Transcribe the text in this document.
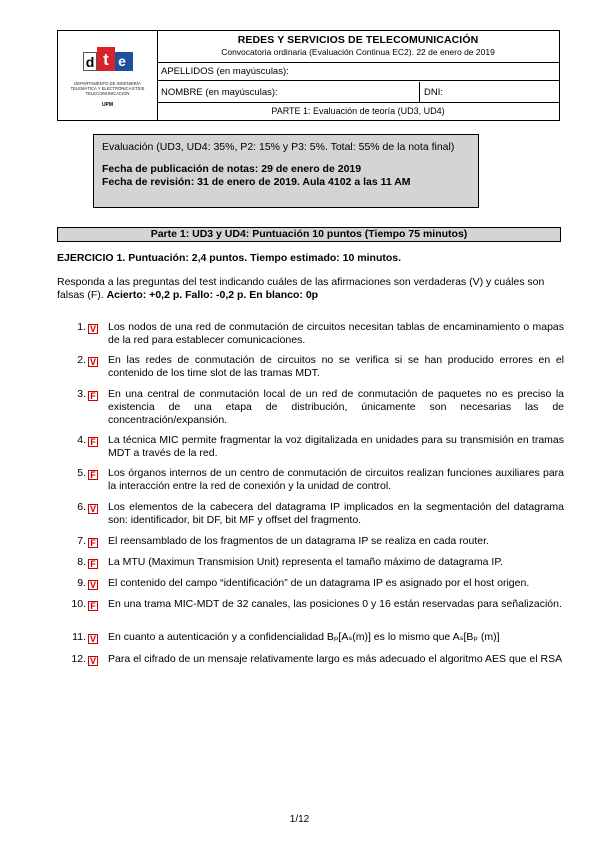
d t e
DEPARTAMENTO DE INGENIERÍA TELEMÁTICA Y ELECTRÓNICA ETSIS TELECOMUNICACIÓN
UPM
REDES Y SERVICIOS DE TELECOMUNICACIÓN
Convocatoria ordinaria (Evaluación Continua EC2). 22 de enero de 2019
APELLIDOS (en mayúsculas):
NOMBRE (en mayúsculas):	DNI:
PARTE 1: Evaluación de teoría (UD3, UD4)
Evaluación (UD3, UD4: 35%, P2: 15% y P3: 5%. Total: 55% de la nota final)
Fecha de publicación de notas: 29 de enero de 2019
Fecha de revisión: 31 de enero de 2019. Aula 4102 a las 11 AM
Parte 1: UD3 y UD4: Puntuación 10 puntos (Tiempo 75 minutos)
EJERCICIO 1. Puntuación: 2,4 puntos. Tiempo estimado: 10 minutos.
Responda a las preguntas del test indicando cuáles de las afirmaciones son verdaderas (V) y cuáles son falsas (F). Acierto: +0,2 p. Fallo: -0,2 p. En blanco: 0p
1. V Los nodos de una red de conmutación de circuitos necesitan tablas de encaminamiento o mapas de la red para establecer comunicaciones.
2. V En las redes de conmutación de circuitos no se verifica si se han producido errores en el contenido de los time slot de las tramas MDT.
3. F En una central de conmutación local de un red de conmutación de paquetes no es preciso la existencia de una etapa de distribución, únicamente son necesarias las de concentración/expansión.
4. F La técnica MIC permite fragmentar la voz digitalizada en unidades para su transmisión en tramas MDT a través de la red.
5. F Los órganos internos de un centro de conmutación de circuitos realizan funciones auxiliares para la interacción entre la red de conexión y la unidad de control.
6. V Los elementos de la cabecera del datagrama IP implicados en la segmentación del datagrama son: identificador, bit DF, bit MF y offset del fragmento.
7. F El reensamblado de los fragmentos de un datagrama IP se realiza en cada router.
8. F La MTU (Maximun Transmision Unit) representa el tamaño máximo de datagrama IP.
9. V El contenido del campo “identificación” de un datagrama IP es asignado por el host origen.
10. F En una trama MIC-MDT de 32 canales, las posiciones 0 y 16 están reservadas para señalización.
11. V En cuanto a autenticación y a confidencialidad Bₚ[Aₛ(m)] es lo mismo que Aₛ[Bₚ (m)]
12. V Para el cifrado de un mensaje relativamente largo es más adecuado el algoritmo AES que el RSA
1/12
